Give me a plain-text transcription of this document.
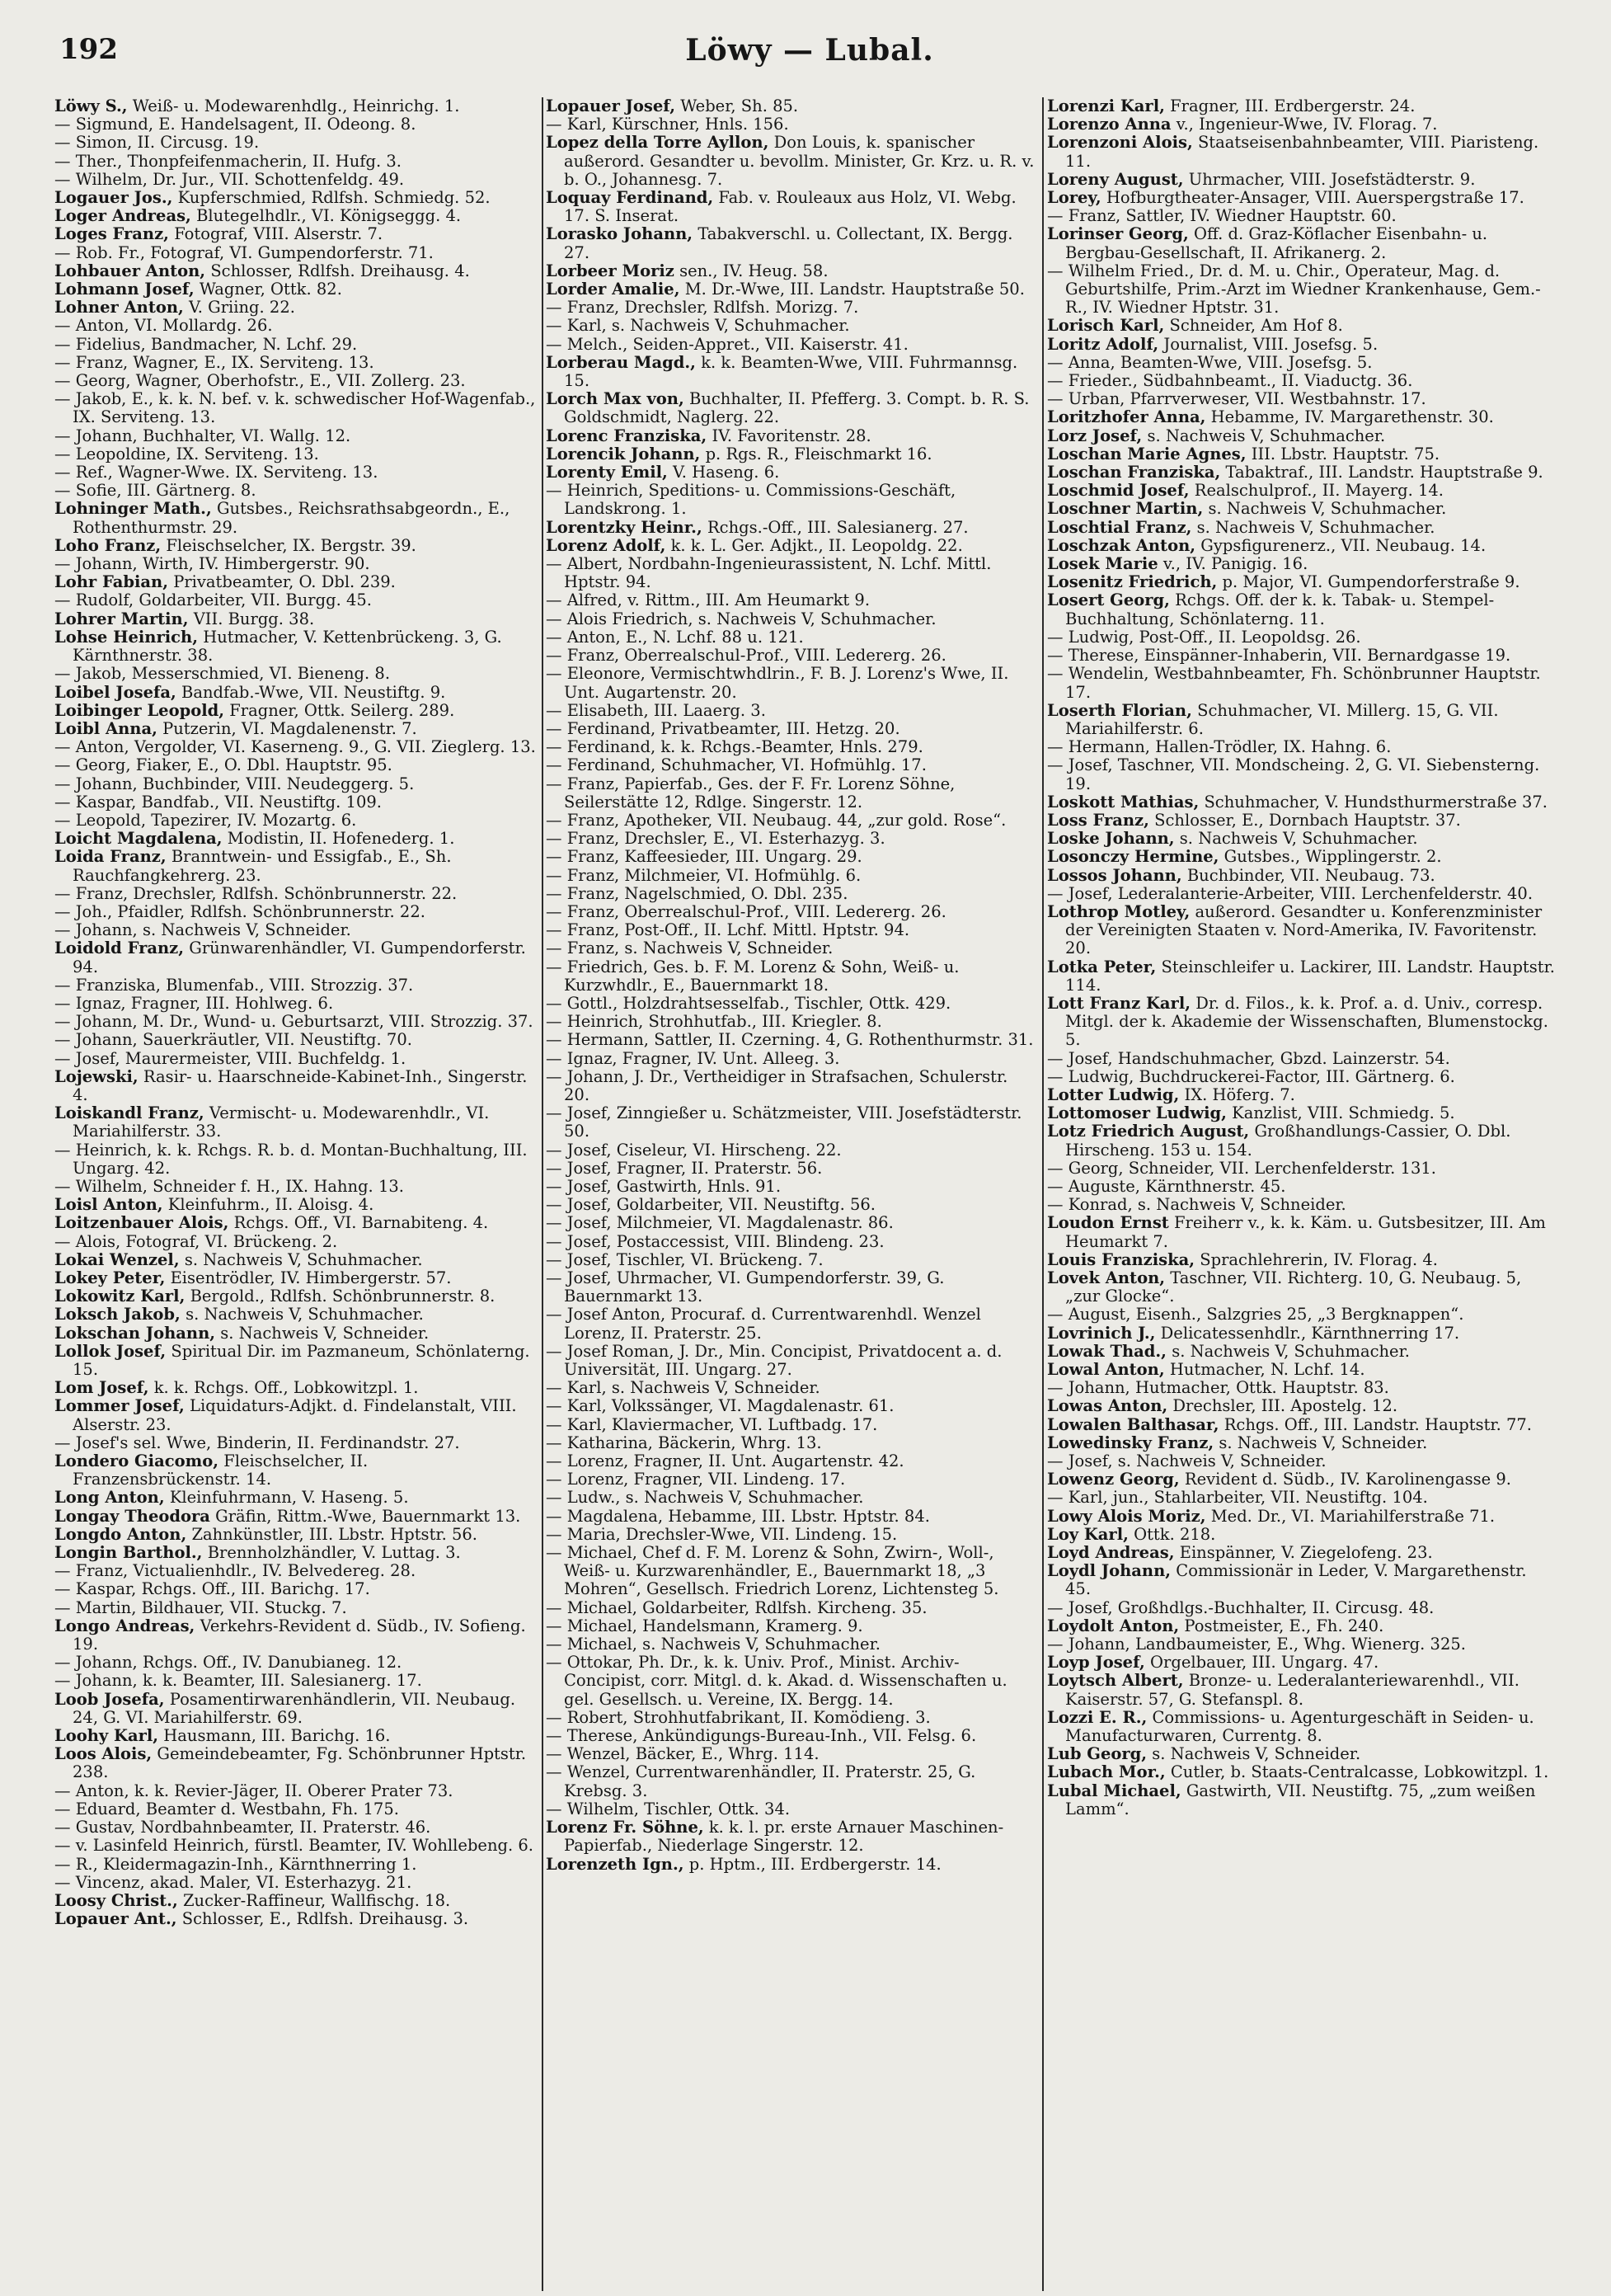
192	Löwy — Lubal.
Löwy S., Weiß- u. Modewarenhdlg., Heinrichg. 1.
— Sigmund, E. Handelsagent, II. Odeong. 8.
— Simon, II. Circusg. 19.
— Ther., Thonpfeifenmacherin, II. Hufg. 3.
— Wilhelm, Dr. Jur., VII. Schottenfeldg. 49.
Logauer Jos., Kupferschmied, Rdlfsh. Schmiedg. 52.
Loger Andreas, Blutegelhdlr., VI. Königseggg. 4.
Loges Franz, Fotograf, VIII. Alserstr. 7.
— Rob. Fr., Fotograf, VI. Gumpendorferstr. 71.
Lohbauer Anton, Schlosser, Rdlfsh. Dreihausg. 4.
Lohmann Josef, Wagner, Ottk. 82.
Lohner Anton, V. Griing. 22.
— Anton, VI. Mollardg. 26.
— Fidelius, Bandmacher, N. Lchf. 29.
— Franz, Wagner, E., IX. Serviteng. 13.
— Georg, Wagner, Oberhofstr., E., VII. Zollerg. 23.
— Jakob, E., k. k. N. bef. v. k. schwedischer Hof-Wagenfab., IX. Serviteng. 13.
— Johann, Buchhalter, VI. Wallg. 12.
— Leopoldine, IX. Serviteng. 13.
— Ref., Wagner-Wwe. IX. Serviteng. 13.
— Sofie, III. Gärtnerg. 8.
Lohninger Math., Gutsbes., Reichsrathsabgeordn., E., Rothenthurmstr. 29.
Loho Franz, Fleischselcher, IX. Bergstr. 39.
— Johann, Wirth, IV. Himbergerstr. 90.
Lohr Fabian, Privatbeamter, O. Dbl. 239.
— Rudolf, Goldarbeiter, VII. Burgg. 45.
Lohrer Martin, VII. Burgg. 38.
Lohse Heinrich, Hutmacher, V. Kettenbrückeng. 3, G. Kärnthnerstr. 38.
— Jakob, Messerschmied, VI. Bieneng. 8.
Loibel Josefa, Bandfab.-Wwe, VII. Neustiftg. 9.
Loibinger Leopold, Fragner, Ottk. Seilerg. 289.
Loibl Anna, Putzerin, VI. Magdalenenstr. 7.
— Anton, Vergolder, VI. Kaserneng. 9., G. VII. Zieglerg. 13.
— Georg, Fiaker, E., O. Dbl. Hauptstr. 95.
— Johann, Buchbinder, VIII. Neudeggerg. 5.
— Kaspar, Bandfab., VII. Neustiftg. 109.
— Leopold, Tapezirer, IV. Mozartg. 6.
Loicht Magdalena, Modistin, II. Hofenederg. 1.
Loida Franz, Branntwein- und Essigfab., E., Sh. Rauchfangkehrerg. 23.
— Franz, Drechsler, Rdlfsh. Schönbrunnerstr. 22.
— Joh., Pfaidler, Rdlfsh. Schönbrunnerstr. 22.
— Johann, s. Nachweis V, Schneider.
Loidold Franz, Grünwarenhändler, VI. Gumpendorferstr. 94.
— Franziska, Blumenfab., VIII. Strozzig. 37.
— Ignaz, Fragner, III. Hohlweg. 6.
— Johann, M. Dr., Wund- u. Geburtsarzt, VIII. Strozzig. 37.
— Johann, Sauerkräutler, VII. Neustiftg. 70.
— Josef, Maurermeister, VIII. Buchfeldg. 1.
Lojewski, Rasir- u. Haarschneide-Kabinet-Inh., Singerstr. 4.
Loiskandl Franz, Vermischt- u. Modewarenhdlr., VI. Mariahilferstr. 33.
— Heinrich, k. k. Rchgs. R. b. d. Montan-Buchhaltung, III. Ungarg. 42.
— Wilhelm, Schneider f. H., IX. Hahng. 13.
Loisl Anton, Kleinfuhrm., II. Aloisg. 4.
Loitzenbauer Alois, Rchgs. Off., VI. Barnabiteng. 4.
— Alois, Fotograf, VI. Brückeng. 2.
Lokai Wenzel, s. Nachweis V, Schuhmacher.
Lokey Peter, Eisentrödler, IV. Himbergerstr. 57.
Lokowitz Karl, Bergold., Rdlfsh. Schönbrunnerstr. 8.
Loksch Jakob, s. Nachweis V, Schuhmacher.
Lokschan Johann, s. Nachweis V, Schneider.
Lollok Josef, Spiritual Dir. im Pazmaneum, Schönlaterng. 15.
Lom Josef, k. k. Rchgs. Off., Lobkowitzpl. 1.
Lommer Josef, Liquidaturs-Adjkt. d. Findelanstalt, VIII. Alserstr. 23.
— Josef's sel. Wwe, Binderin, II. Ferdinandstr. 27.
Londero Giacomo, Fleischselcher, II. Franzensbrückenstr. 14.
Long Anton, Kleinfuhrmann, V. Haseng. 5.
Longay Theodora Gräfin, Rittm.-Wwe, Bauernmarkt 13.
Longdo Anton, Zahnkünstler, III. Lbstr. Hptstr. 56.
Longin Barthol., Brennholzhändler, V. Luttag. 3.
— Franz, Victualienhdlr., IV. Belvedereg. 28.
— Kaspar, Rchgs. Off., III. Barichg. 17.
— Martin, Bildhauer, VII. Stuckg. 7.
Longo Andreas, Verkehrs-Revident d. Südb., IV. Sofieng. 19.
— Johann, Rchgs. Off., IV. Danubianeg. 12.
— Johann, k. k. Beamter, III. Salesianerg. 17.
Loob Josefa, Posamentirwarenhändlerin, VII. Neubaug. 24, G. VI. Mariahilferstr. 69.
Loohy Karl, Hausmann, III. Barichg. 16.
Loos Alois, Gemeindebeamter, Fg. Schönbrunner Hptstr. 238.
— Anton, k. k. Revier-Jäger, II. Oberer Prater 73.
— Eduard, Beamter d. Westbahn, Fh. 175.
— Gustav, Nordbahnbeamter, II. Praterstr. 46.
— v. Lasinfeld Heinrich, fürstl. Beamter, IV. Wohllebeng. 6.
— R., Kleidermagazin-Inh., Kärnthnerring 1.
— Vincenz, akad. Maler, VI. Esterhazyg. 21.
Loosy Christ., Zucker-Raffineur, Wallfischg. 18.
Lopauer Ant., Schlosser, E., Rdlfsh. Dreihausg. 3.
Lopauer Josef, Weber, Sh. 85.
— Karl, Kürschner, Hnls. 156.
Lopez della Torre Ayllon, Don Louis, k. spanischer außerord. Gesandter u. bevollm. Minister, Gr. Krz. u. R. v. b. O., Johannesg. 7.
Loquay Ferdinand, Fab. v. Rouleaux aus Holz, VI. Webg. 17. S. Inserat.
Lorasko Johann, Tabakverschl. u. Collectant, IX. Bergg. 27.
Lorbeer Moriz sen., IV. Heug. 58.
Lorder Amalie, M. Dr.-Wwe, III. Landstr. Hauptstraße 50.
— Franz, Drechsler, Rdlfsh. Morizg. 7.
— Karl, s. Nachweis V, Schuhmacher.
— Melch., Seiden-Appret., VII. Kaiserstr. 41.
Lorberau Magd., k. k. Beamten-Wwe, VIII. Fuhrmannsg. 15.
Lorch Max von, Buchhalter, II. Pfefferg. 3. Compt. b. R. S. Goldschmidt, Naglerg. 22.
Lorenc Franziska, IV. Favoritenstr. 28.
Lorencik Johann, p. Rgs. R., Fleischmarkt 16.
Lorenty Emil, V. Haseng. 6.
— Heinrich, Speditions- u. Commissions-Geschäft, Landskrong. 1.
Lorentzky Heinr., Rchgs.-Off., III. Salesianerg. 27.
Lorenz Adolf, k. k. L. Ger. Adjkt., II. Leopoldg. 22.
— Albert, Nordbahn-Ingenieurassistent, N. Lchf. Mittl. Hptstr. 94.
— Alfred, v. Rittm., III. Am Heumarkt 9.
— Alois Friedrich, s. Nachweis V, Schuhmacher.
— Anton, E., N. Lchf. 88 u. 121.
— Franz, Oberrealschul-Prof., VIII. Ledererg. 26.
— Eleonore, Vermischtwhdlrin., F. B. J. Lorenz's Wwe, II. Unt. Augartenstr. 20.
— Elisabeth, III. Laaerg. 3.
— Ferdinand, Privatbeamter, III. Hetzg. 20.
— Ferdinand, k. k. Rchgs.-Beamter, Hnls. 279.
— Ferdinand, Schuhmacher, VI. Hofmühlg. 17.
— Franz, Papierfab., Ges. der F. Fr. Lorenz Söhne, Seilerstätte 12, Rdlge. Singerstr. 12.
— Franz, Apotheker, VII. Neubaug. 44, „zur gold. Rose“.
— Franz, Drechsler, E., VI. Esterhazyg. 3.
— Franz, Kaffeesieder, III. Ungarg. 29.
— Franz, Milchmeier, VI. Hofmühlg. 6.
— Franz, Nagelschmied, O. Dbl. 235.
— Franz, Oberrealschul-Prof., VIII. Ledererg. 26.
— Franz, Post-Off., II. Lchf. Mittl. Hptstr. 94.
— Franz, s. Nachweis V, Schneider.
— Friedrich, Ges. b. F. M. Lorenz & Sohn, Weiß- u. Kurzwhdlr., E., Bauernmarkt 18.
— Gottl., Holzdrahtsesselfab., Tischler, Ottk. 429.
— Heinrich, Strohhutfab., III. Kriegler. 8.
— Hermann, Sattler, II. Czerning. 4, G. Rothenthurmstr. 31.
— Ignaz, Fragner, IV. Unt. Alleeg. 3.
— Johann, J. Dr., Vertheidiger in Strafsachen, Schulerstr. 20.
— Josef, Zinngießer u. Schätzmeister, VIII. Josefstädterstr. 50.
— Josef, Ciseleur, VI. Hirscheng. 22.
— Josef, Fragner, II. Praterstr. 56.
— Josef, Gastwirth, Hnls. 91.
— Josef, Goldarbeiter, VII. Neustiftg. 56.
— Josef, Milchmeier, VI. Magdalenastr. 86.
— Josef, Postaccessist, VIII. Blindeng. 23.
— Josef, Tischler, VI. Brückeng. 7.
— Josef, Uhrmacher, VI. Gumpendorferstr. 39, G. Bauernmarkt 13.
— Josef Anton, Procuraf. d. Currentwarenhdl. Wenzel Lorenz, II. Praterstr. 25.
— Josef Roman, J. Dr., Min. Concipist, Privatdocent a. d. Universität, III. Ungarg. 27.
— Karl, s. Nachweis V, Schneider.
— Karl, Volkssänger, VI. Magdalenastr. 61.
— Karl, Klaviermacher, VI. Luftbadg. 17.
— Katharina, Bäckerin, Whrg. 13.
— Lorenz, Fragner, II. Unt. Augartenstr. 42.
— Lorenz, Fragner, VII. Lindeng. 17.
— Ludw., s. Nachweis V, Schuhmacher.
— Magdalena, Hebamme, III. Lbstr. Hptstr. 84.
— Maria, Drechsler-Wwe, VII. Lindeng. 15.
— Michael, Chef d. F. M. Lorenz & Sohn, Zwirn-, Woll-, Weiß- u. Kurzwarenhändler, E., Bauernmarkt 18, „3 Mohren“, Gesellsch. Friedrich Lorenz, Lichtensteg 5.
— Michael, Goldarbeiter, Rdlfsh. Kircheng. 35.
— Michael, Handelsmann, Kramerg. 9.
— Michael, s. Nachweis V, Schuhmacher.
— Ottokar, Ph. Dr., k. k. Univ. Prof., Minist. Archiv-Concipist, corr. Mitgl. d. k. Akad. d. Wissenschaften u. gel. Gesellsch. u. Vereine, IX. Bergg. 14.
— Robert, Strohhutfabrikant, II. Komödieng. 3.
— Therese, Ankündigungs-Bureau-Inh., VII. Felsg. 6.
— Wenzel, Bäcker, E., Whrg. 114.
— Wenzel, Currentwarenhändler, II. Praterstr. 25, G. Krebsg. 3.
— Wilhelm, Tischler, Ottk. 34.
Lorenz Fr. Söhne, k. k. l. pr. erste Arnauer Maschinen-Papierfab., Niederlage Singerstr. 12.
Lorenzeth Ign., p. Hptm., III. Erdbergerstr. 14.
Lorenzi Karl, Fragner, III. Erdbergerstr. 24.
Lorenzo Anna v., Ingenieur-Wwe, IV. Florag. 7.
Lorenzoni Alois, Staatseisenbahnbeamter, VIII. Piaristeng. 11.
Loreny August, Uhrmacher, VIII. Josefstädterstr. 9.
Lorey, Hofburgtheater-Ansager, VIII. Auerspergstraße 17.
— Franz, Sattler, IV. Wiedner Hauptstr. 60.
Lorinser Georg, Off. d. Graz-Köflacher Eisenbahn- u. Bergbau-Gesellschaft, II. Afrikanerg. 2.
— Wilhelm Fried., Dr. d. M. u. Chir., Operateur, Mag. d. Geburtshilfe, Prim.-Arzt im Wiedner Krankenhause, Gem.-R., IV. Wiedner Hptstr. 31.
Lorisch Karl, Schneider, Am Hof 8.
Loritz Adolf, Journalist, VIII. Josefsg. 5.
— Anna, Beamten-Wwe, VIII. Josefsg. 5.
— Frieder., Südbahnbeamt., II. Viaductg. 36.
— Urban, Pfarrverweser, VII. Westbahnstr. 17.
Loritzhofer Anna, Hebamme, IV. Margarethenstr. 30.
Lorz Josef, s. Nachweis V, Schuhmacher.
Loschan Marie Agnes, III. Lbstr. Hauptstr. 75.
Loschan Franziska, Tabaktraf., III. Landstr. Hauptstraße 9.
Loschmid Josef, Realschulprof., II. Mayerg. 14.
Loschner Martin, s. Nachweis V, Schuhmacher.
Loschtial Franz, s. Nachweis V, Schuhmacher.
Loschzak Anton, Gypsfigurenerz., VII. Neubaug. 14.
Losek Marie v., IV. Panigig. 16.
Losenitz Friedrich, p. Major, VI. Gumpendorferstraße 9.
Losert Georg, Rchgs. Off. der k. k. Tabak- u. Stempel-Buchhaltung, Schönlaterng. 11.
— Ludwig, Post-Off., II. Leopoldsg. 26.
— Therese, Einspänner-Inhaberin, VII. Bernardgasse 19.
— Wendelin, Westbahnbeamter, Fh. Schönbrunner Hauptstr. 17.
Loserth Florian, Schuhmacher, VI. Millerg. 15, G. VII. Mariahilferstr. 6.
— Hermann, Hallen-Trödler, IX. Hahng. 6.
— Josef, Taschner, VII. Mondscheing. 2, G. VI. Siebensterng. 19.
Loskott Mathias, Schuhmacher, V. Hundsthurmerstraße 37.
Loss Franz, Schlosser, E., Dornbach Hauptstr. 37.
Loske Johann, s. Nachweis V, Schuhmacher.
Losonczy Hermine, Gutsbes., Wipplingerstr. 2.
Lossos Johann, Buchbinder, VII. Neubaug. 73.
— Josef, Lederalanterie-Arbeiter, VIII. Lerchenfelderstr. 40.
Lothrop Motley, außerord. Gesandter u. Konferenzminister der Vereinigten Staaten v. Nord-Amerika, IV. Favoritenstr. 20.
Lotka Peter, Steinschleifer u. Lackirer, III. Landstr. Hauptstr. 114.
Lott Franz Karl, Dr. d. Filos., k. k. Prof. a. d. Univ., corresp. Mitgl. der k. Akademie der Wissenschaften, Blumenstockg. 5.
— Josef, Handschuhmacher, Gbzd. Lainzerstr. 54.
— Ludwig, Buchdruckerei-Factor, III. Gärtnerg. 6.
Lotter Ludwig, IX. Höferg. 7.
Lottomoser Ludwig, Kanzlist, VIII. Schmiedg. 5.
Lotz Friedrich August, Großhandlungs-Cassier, O. Dbl. Hirscheng. 153 u. 154.
— Georg, Schneider, VII. Lerchenfelderstr. 131.
— Auguste, Kärnthnerstr. 45.
— Konrad, s. Nachweis V, Schneider.
Loudon Ernst Freiherr v., k. k. Käm. u. Gutsbesitzer, III. Am Heumarkt 7.
Louis Franziska, Sprachlehrerin, IV. Florag. 4.
Lovek Anton, Taschner, VII. Richterg. 10, G. Neubaug. 5, „zur Glocke“.
— August, Eisenh., Salzgries 25, „3 Bergknappen“.
Lovrinich J., Delicatessenhdlr., Kärnthnerring 17.
Lowak Thad., s. Nachweis V, Schuhmacher.
Lowal Anton, Hutmacher, N. Lchf. 14.
— Johann, Hutmacher, Ottk. Hauptstr. 83.
Lowas Anton, Drechsler, III. Apostelg. 12.
Lowalen Balthasar, Rchgs. Off., III. Landstr. Hauptstr. 77.
Lowedinsky Franz, s. Nachweis V, Schneider.
— Josef, s. Nachweis V, Schneider.
Lowenz Georg, Revident d. Südb., IV. Karolinengasse 9.
— Karl, jun., Stahlarbeiter, VII. Neustiftg. 104.
Lowy Alois Moriz, Med. Dr., VI. Mariahilferstraße 71.
Loy Karl, Ottk. 218.
Loyd Andreas, Einspänner, V. Ziegelofeng. 23.
Loydl Johann, Commissionär in Leder, V. Margarethenstr. 45.
— Josef, Großhdlgs.-Buchhalter, II. Circusg. 48.
Loydolt Anton, Postmeister, E., Fh. 240.
— Johann, Landbaumeister, E., Whg. Wienerg. 325.
Loyp Josef, Orgelbauer, III. Ungarg. 47.
Loytsch Albert, Bronze- u. Lederalanteriewarenhdl., VII. Kaiserstr. 57, G. Stefanspl. 8.
Lozzi E. R., Commissions- u. Agenturgeschäft in Seiden- u. Manufacturwaren, Currentg. 8.
Lub Georg, s. Nachweis V, Schneider.
Lubach Mor., Cutler, b. Staats-Centralcasse, Lobkowitzpl. 1.
Lubal Michael, Gastwirth, VII. Neustiftg. 75, „zum weißen Lamm“.
